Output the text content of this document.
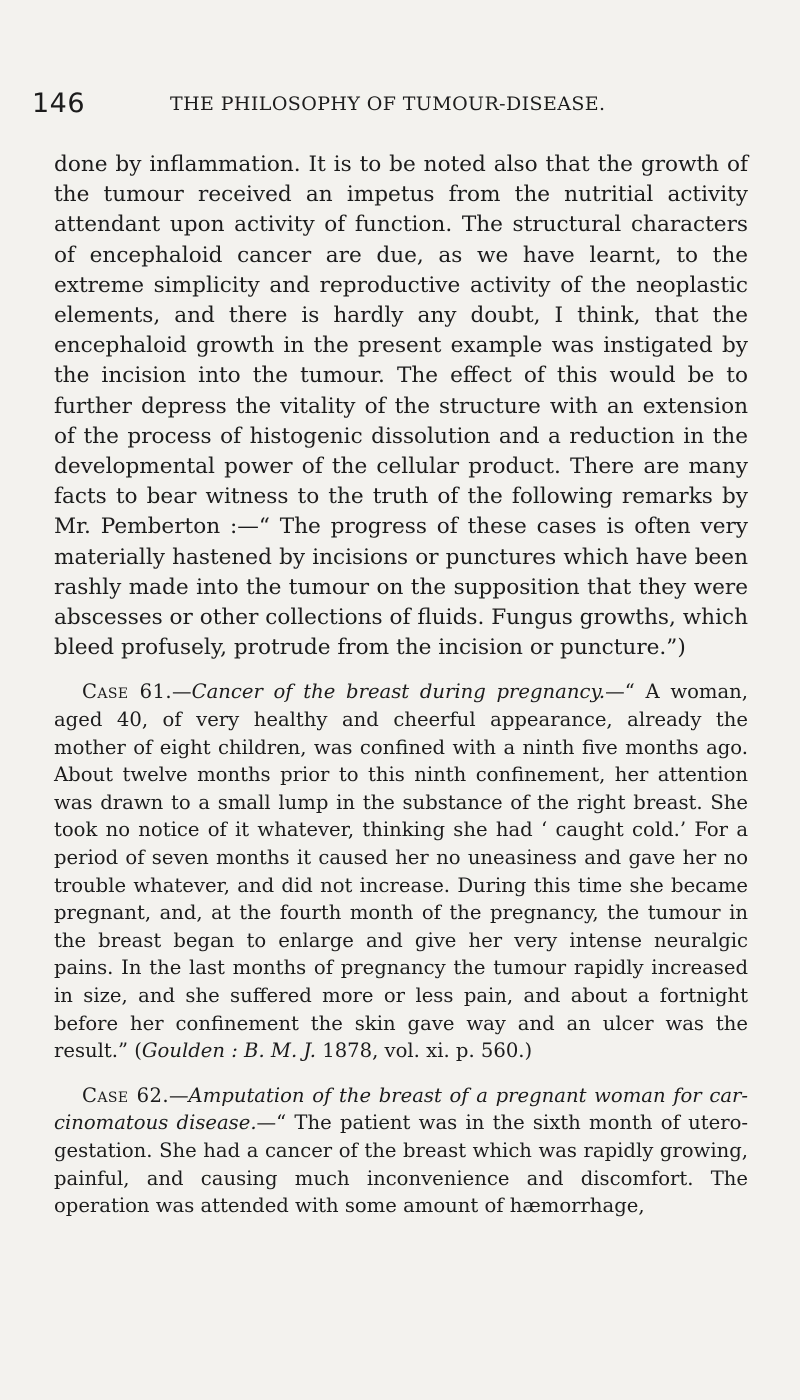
146	THE PHILOSOPHY OF TUMOUR-DISEASE.

done by inflammation. It is to be noted also that the growth of the tumour received an impetus from the nutritial activity attendant upon activity of function. The structural characters of encephaloid cancer are due, as we have learnt, to the extreme simplicity and reproductive activity of the neoplastic elements, and there is hardly any doubt, I think, that the encephaloid growth in the present example was instigated by the incision into the tumour. The effect of this would be to further depress the vitality of the structure with an extension of the process of histogenic dissolution and a reduction in the developmental power of the cellular product. There are many facts to bear witness to the truth of the following remarks by Mr. Pemberton :—“ The progress of these cases is often very materially hastened by incisions or punctures which have been rashly made into the tumour on the supposition that they were abscesses or other collections of fluids. Fungus growths, which bleed profusely, protrude from the incision or puncture.”)

Case 61.—Cancer of the breast during pregnancy.—“ A woman, aged 40, of very healthy and cheerful appearance, already the mother of eight children, was confined with a ninth five months ago. About twelve months prior to this ninth confinement, her attention was drawn to a small lump in the substance of the right breast. She took no notice of it whatever, thinking she had ‘ caught cold.’ For a period of seven months it caused her no uneasiness and gave her no trouble whatever, and did not increase. During this time she became pregnant, and, at the fourth month of the pregnancy, the tumour in the breast began to enlarge and give her very intense neuralgic pains. In the last months of pregnancy the tumour rapidly increased in size, and she suffered more or less pain, and about a fortnight before her confinement the skin gave way and an ulcer was the result.” (Goulden : B. M. J. 1878, vol. xi. p. 560.)

Case 62.—Amputation of the breast of a pregnant woman for car-cinomatous disease.—“ The patient was in the sixth month of utero-gestation. She had a cancer of the breast which was rapidly growing, painful, and causing much inconvenience and discomfort. The operation was attended with some amount of hæmorrhage,
